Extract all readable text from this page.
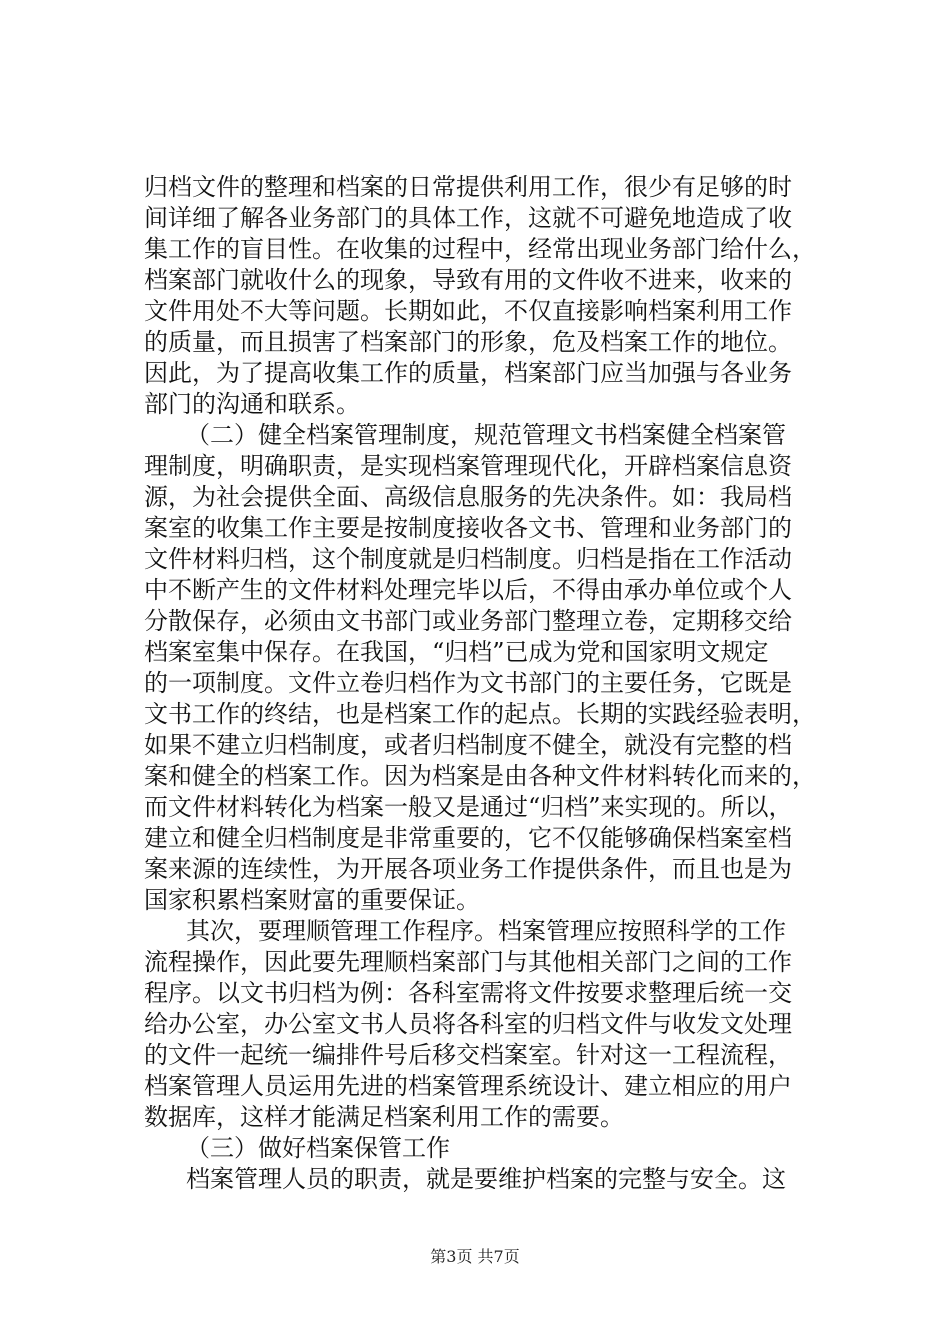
归档文件的整理和档案的日常提供利用工作，很少有足够的时
间详细了解各业务部门的具体工作，这就不可避免地造成了收
集工作的盲目性。在收集的过程中，经常出现业务部门给什么，
档案部门就收什么的现象，导致有用的文件收不进来，收来的
文件用处不大等问题。长期如此，不仅直接影响档案利用工作
的质量，而且损害了档案部门的形象，危及档案工作的地位。
因此，为了提高收集工作的质量，档案部门应当加强与各业务
部门的沟通和联系。
（二）健全档案管理制度，规范管理文书档案健全档案管
理制度，明确职责，是实现档案管理现代化，开辟档案信息资
源，为社会提供全面、高级信息服务的先决条件。如：我局档
案室的收集工作主要是按制度接收各文书、管理和业务部门的
文件材料归档，这个制度就是归档制度。归档是指在工作活动
中不断产生的文件材料处理完毕以后，不得由承办单位或个人
分散保存，必须由文书部门或业务部门整理立卷，定期移交给
档案室集中保存。在我国，“归档”已成为党和国家明文规定
的一项制度。文件立卷归档作为文书部门的主要任务，它既是
文书工作的终结，也是档案工作的起点。长期的实践经验表明，
如果不建立归档制度，或者归档制度不健全，就没有完整的档
案和健全的档案工作。因为档案是由各种文件材料转化而来的，
而文件材料转化为档案一般又是通过“归档”来实现的。所以，
建立和健全归档制度是非常重要的，它不仅能够确保档案室档
案来源的连续性，为开展各项业务工作提供条件，而且也是为
国家积累档案财富的重要保证。
其次，要理顺管理工作程序。档案管理应按照科学的工作
流程操作，因此要先理顺档案部门与其他相关部门之间的工作
程序。以文书归档为例：各科室需将文件按要求整理后统一交
给办公室，办公室文书人员将各科室的归档文件与收发文处理
的文件一起统一编排件号后移交档案室。针对这一工程流程，
档案管理人员运用先进的档案管理系统设计、建立相应的用户
数据库，这样才能满足档案利用工作的需要。
（三）做好档案保管工作
档案管理人员的职责，就是要维护档案的完整与安全。这
第3页 共7页
